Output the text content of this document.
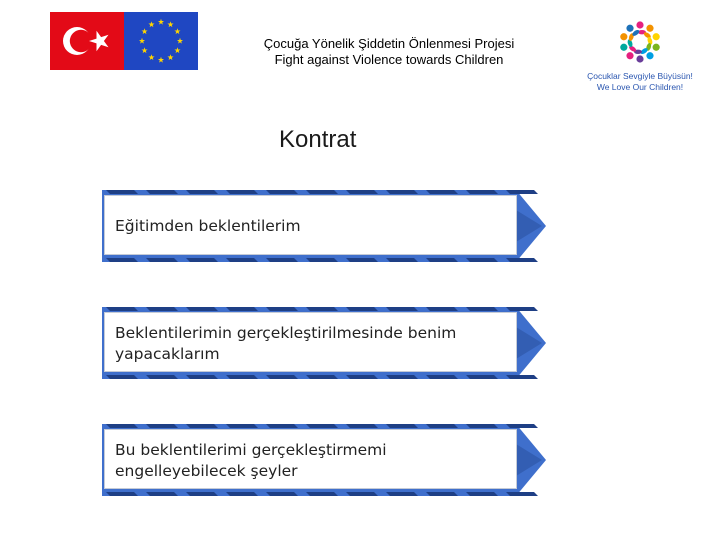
Çocuğa Yönelik Şiddetin Önlenmesi Projesi
Fight against Violence towards Children
Çocuklar Sevgiyle Büyüsün!
We Love Our Children!
Kontrat
Eğitimden beklentilerim
Beklentilerimin gerçekleştirilmesinde benim yapacaklarım
Bu beklentilerimi gerçekleştirmemi engelleyebilecek şeyler
